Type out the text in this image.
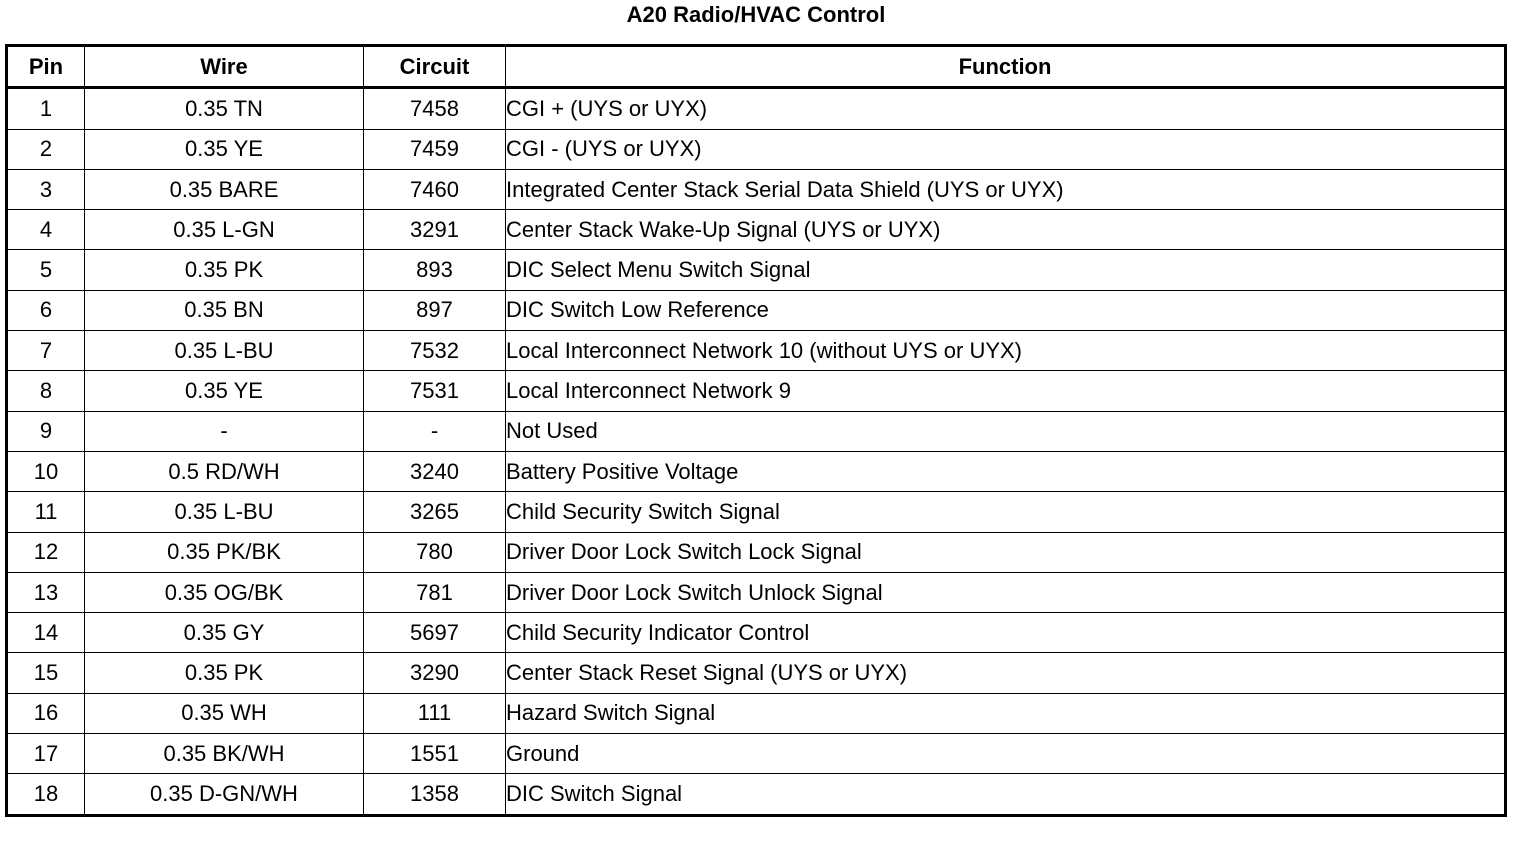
A20 Radio/HVAC Control
Pin	Wire	Circuit	Function
1	0.35 TN	7458	CGI + (UYS or UYX)
2	0.35 YE	7459	CGI - (UYS or UYX)
3	0.35 BARE	7460	Integrated Center Stack Serial Data Shield (UYS or UYX)
4	0.35 L-GN	3291	Center Stack Wake-Up Signal (UYS or UYX)
5	0.35 PK	893	DIC Select Menu Switch Signal
6	0.35 BN	897	DIC Switch Low Reference
7	0.35 L-BU	7532	Local Interconnect Network 10 (without UYS or UYX)
8	0.35 YE	7531	Local Interconnect Network 9
9	-	-	Not Used
10	0.5 RD/WH	3240	Battery Positive Voltage
11	0.35 L-BU	3265	Child Security Switch Signal
12	0.35 PK/BK	780	Driver Door Lock Switch Lock Signal
13	0.35 OG/BK	781	Driver Door Lock Switch Unlock Signal
14	0.35 GY	5697	Child Security Indicator Control
15	0.35 PK	3290	Center Stack Reset Signal (UYS or UYX)
16	0.35 WH	111	Hazard Switch Signal
17	0.35 BK/WH	1551	Ground
18	0.35 D-GN/WH	1358	DIC Switch Signal
